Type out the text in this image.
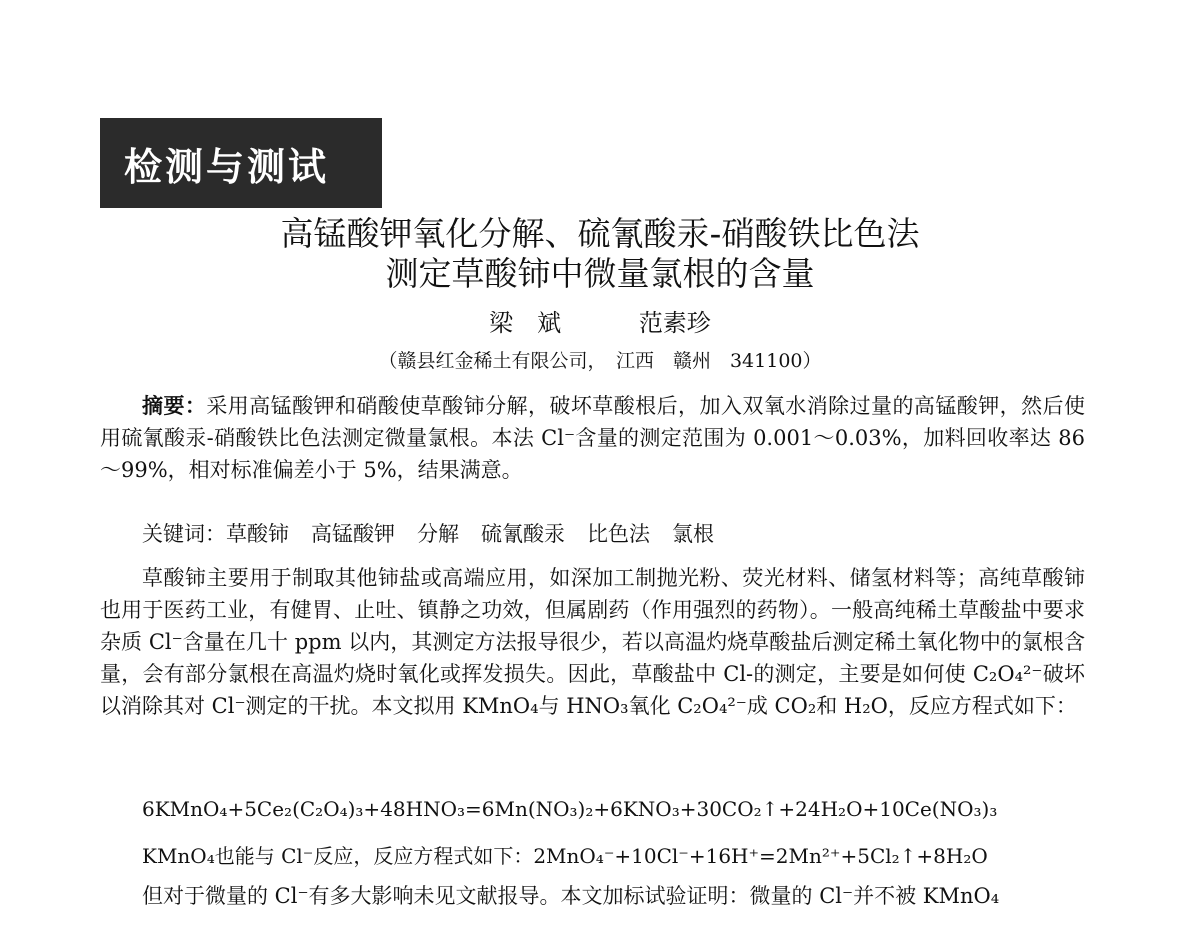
检测与测试
高锰酸钾氧化分解、硫氰酸汞-硝酸铁比色法
测定草酸铈中微量氯根的含量
梁　斌	范素珍
（赣县红金稀土有限公司，　江西　赣州　341100）

摘要：采用高锰酸钾和硝酸使草酸铈分解，破坏草酸根后，加入双氧水消除过量的高锰酸钾，然后使用硫氰酸汞-硝酸铁比色法测定微量氯根。本法 Cl⁻含量的测定范围为 0.001～0.03%，加料回收率达 86～99%，相对标准偏差小于 5%，结果满意。

关键词：草酸铈 高锰酸钾 分解 硫氰酸汞 比色法 氯根

草酸铈主要用于制取其他铈盐或高端应用，如深加工制抛光粉、荧光材料、储氢材料等；高纯草酸铈也用于医药工业，有健胃、止吐、镇静之功效，但属剧药（作用强烈的药物）。一般高纯稀土草酸盐中要求杂质 Cl⁻含量在几十 ppm 以内，其测定方法报导很少，若以高温灼烧草酸盐后测定稀土氧化物中的氯根含量，会有部分氯根在高温灼烧时氧化或挥发损失。因此，草酸盐中 Cl-的测定，主要是如何使 C₂O₄²⁻破坏以消除其对 Cl⁻测定的干扰。本文拟用 KMnO₄与 HNO₃氧化 C₂O₄²⁻成 CO₂和 H₂O，反应方程式如下：

6KMnO₄+5Ce₂(C₂O₄)₃+48HNO₃=6Mn(NO₃)₂+6KNO₃+30CO₂↑+24H₂O+10Ce(NO₃)₃
KMnO₄也能与 Cl⁻反应，反应方程式如下：2MnO₄⁻+10Cl⁻+16H⁺=2Mn²⁺+5Cl₂↑+8H₂O
但对于微量的 Cl⁻有多大影响未见文献报导。本文加标试验证明：微量的 Cl⁻并不被 KMnO₄
